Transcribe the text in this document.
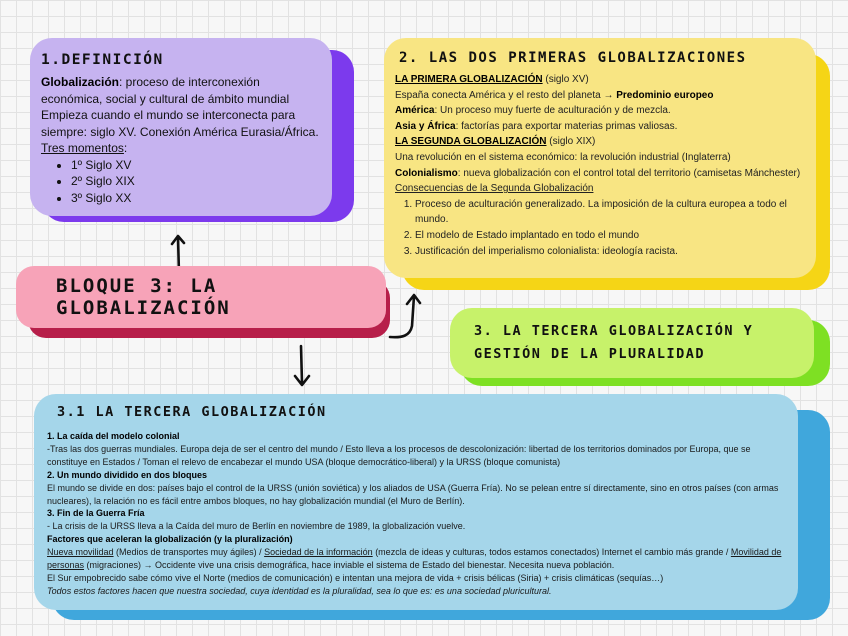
1.DEFINICIÓN
Globalización: proceso de interconexión económica, social y cultural de ámbito mundial
Empieza cuando el mundo se interconecta para siempre: siglo XV. Conexión América Eurasia/África.
Tres momentos:
• 1º Siglo XV
• 2º Siglo XIX
• 3º Siglo XX
2. LAS DOS PRIMERAS GLOBALIZACIONES
LA PRIMERA GLOBALIZACIÓN (siglo XV)
España conecta América y el resto del planeta → Predominio europeo
América: Un proceso muy fuerte de aculturación y de mezcla.
Asia y África: factorías para exportar materias primas valiosas.
LA SEGUNDA GLOBALIZACIÓN (siglo XIX)
Una revolución en el sistema económico: la revolución industrial (Inglaterra)
Colonialismo: nueva globalización con el control total del territorio (camisetas Mánchester)
Consecuencias de la Segunda Globalización
1. Proceso de aculturación generalizado. La imposición de la cultura europea a todo el mundo.
2. El modelo de Estado implantado en todo el mundo
3. Justificación del imperialismo colonialista: ideología racista.
BLOQUE 3: LA GLOBALIZACIÓN
3. LA TERCERA GLOBALIZACIÓN Y GESTIÓN DE LA PLURALIDAD
3.1 LA TERCERA GLOBALIZACIÓN
1. La caída del modelo colonial
-Tras las dos guerras mundiales. Europa deja de ser el centro del mundo / Esto lleva a los procesos de descolonización: libertad de los territorios dominados por Europa, que se constituye en Estados / Toman el relevo de encabezar el mundo USA (bloque democrático-liberal) y la URSS (bloque comunista)
2. Un mundo dividido en dos bloques
El mundo se divide en dos: países bajo el control de la URSS (unión soviética) y los aliados de USA (Guerra Fría). No se pelean entre sí directamente, sino en otros países (con armas nucleares), la relación no es fácil entre ambos bloques, no hay globalización mundial (el Muro de Berlín).
3. Fin de la Guerra Fría
- La crisis de la URSS lleva a la Caída del muro de Berlín en noviembre de 1989, la globalización vuelve.
Factores que aceleran la globalización (y la pluralización)
Nueva movilidad (Medios de transportes muy ágiles) / Sociedad de la información (mezcla de ideas y culturas, todos estamos conectados) Internet el cambio más grande / Movilidad de personas (migraciones) → Occidente vive una crisis demográfica, hace inviable el sistema de Estado del bienestar. Necesita nueva población.
El Sur empobrecido sabe cómo vive el Norte (medios de comunicación) e intentan una mejora de vida + crisis bélicas (Siria) + crisis climáticas (sequías…)
Todos estos factores hacen que nuestra sociedad, cuya identidad es la pluralidad, sea lo que es: es una sociedad pluricultural.
